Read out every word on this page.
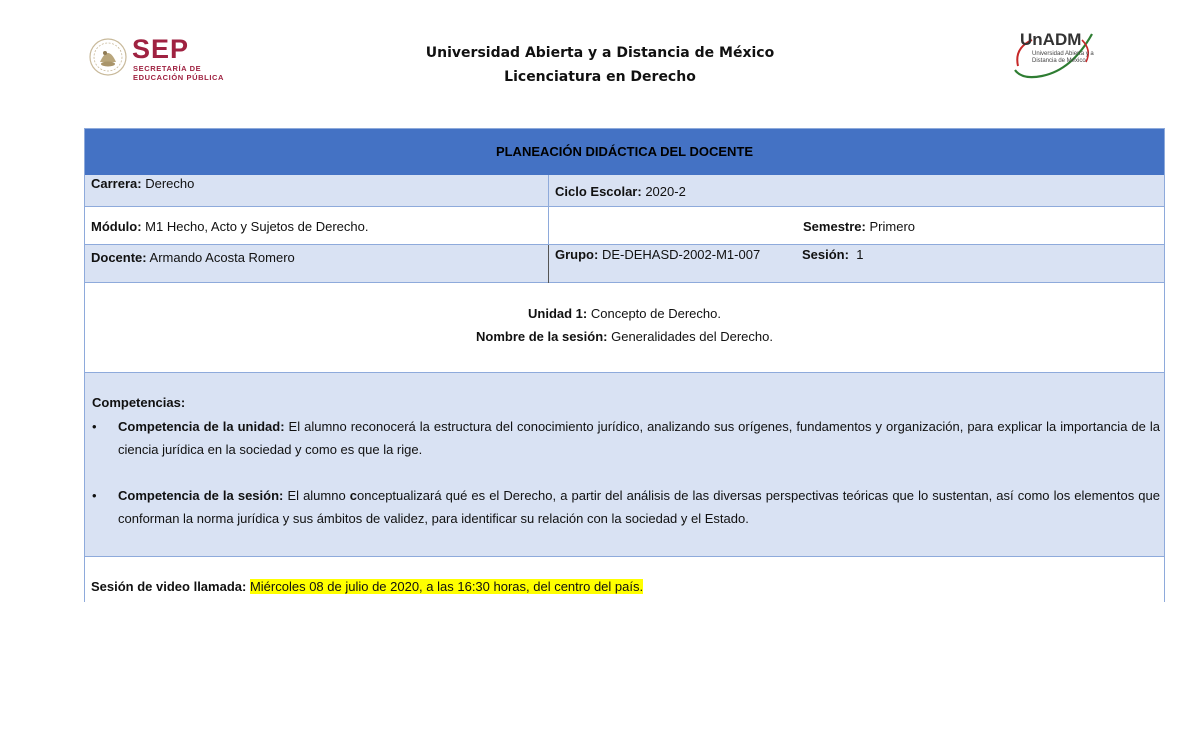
SEP
SECRETARÍA DE
EDUCACIÓN PÚBLICA
Universidad Abierta y a Distancia de México
Licenciatura en Derecho
UnADM
Universidad Abierta y a
Distancia de México
PLANEACIÓN DIDÁCTICA DEL DOCENTE
Carrera: Derecho
Ciclo Escolar: 2020-2
Módulo: M1 Hecho, Acto y Sujetos de Derecho.	Semestre: Primero
Docente: Armando Acosta Romero	Grupo: DE-DEHASD-2002-M1-007	Sesión: 1
Unidad 1: Concepto de Derecho.
Nombre de la sesión: Generalidades del Derecho.
Competencias:
• Competencia de la unidad: El alumno reconocerá la estructura del conocimiento jurídico, analizando sus orígenes, fundamentos y organización, para explicar la importancia de la ciencia jurídica en la sociedad y como es que la rige.
• Competencia de la sesión: El alumno conceptualizará qué es el Derecho, a partir del análisis de las diversas perspectivas teóricas que lo sustentan, así como los elementos que conforman la norma jurídica y sus ámbitos de validez, para identificar su relación con la sociedad y el Estado.
Sesión de video llamada: Miércoles 08 de julio de 2020, a las 16:30 horas, del centro del país.
